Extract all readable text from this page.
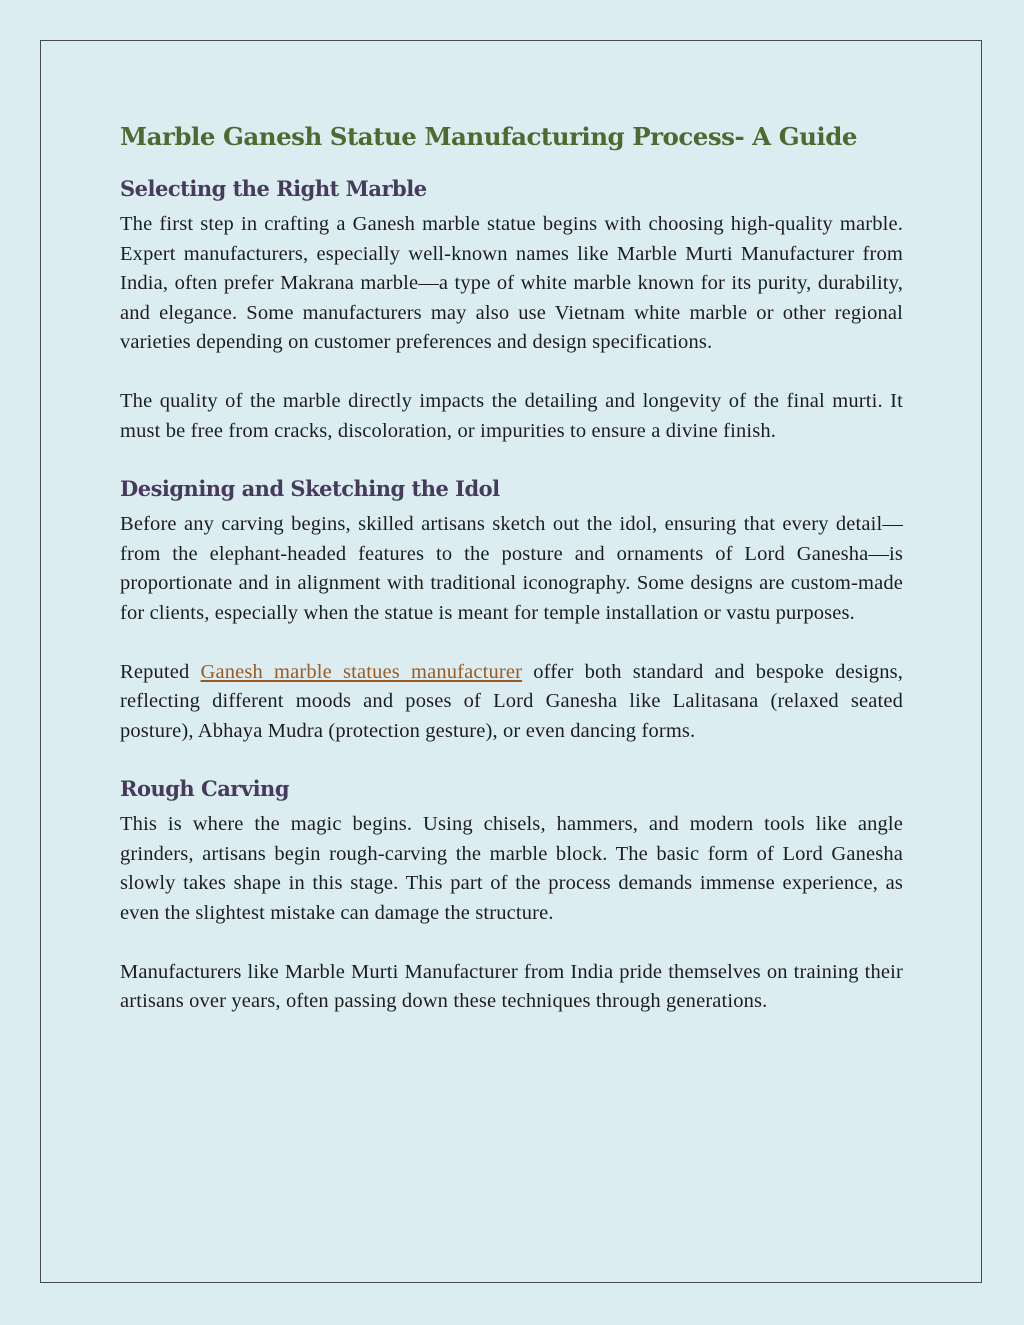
Marble Ganesh Statue Manufacturing Process- A Guide
Selecting the Right Marble

The first step in crafting a Ganesh marble statue begins with choosing high-quality marble. Expert manufacturers, especially well-known names like Marble Murti Manufacturer from India, often prefer Makrana marble—a type of white marble known for its purity, durability, and elegance. Some manufacturers may also use Vietnam white marble or other regional varieties depending on customer preferences and design specifications.

The quality of the marble directly impacts the detailing and longevity of the final murti. It must be free from cracks, discoloration, or impurities to ensure a divine finish.

Designing and Sketching the Idol

Before any carving begins, skilled artisans sketch out the idol, ensuring that every detail—from the elephant-headed features to the posture and ornaments of Lord Ganesha—is proportionate and in alignment with traditional iconography. Some designs are custom-made for clients, especially when the statue is meant for temple installation or vastu purposes.

Reputed Ganesh marble statues manufacturer offer both standard and bespoke designs, reflecting different moods and poses of Lord Ganesha like Lalitasana (relaxed seated posture), Abhaya Mudra (protection gesture), or even dancing forms.

Rough Carving

This is where the magic begins. Using chisels, hammers, and modern tools like angle grinders, artisans begin rough-carving the marble block. The basic form of Lord Ganesha slowly takes shape in this stage. This part of the process demands immense experience, as even the slightest mistake can damage the structure.

Manufacturers like Marble Murti Manufacturer from India pride themselves on training their artisans over years, often passing down these techniques through generations.
